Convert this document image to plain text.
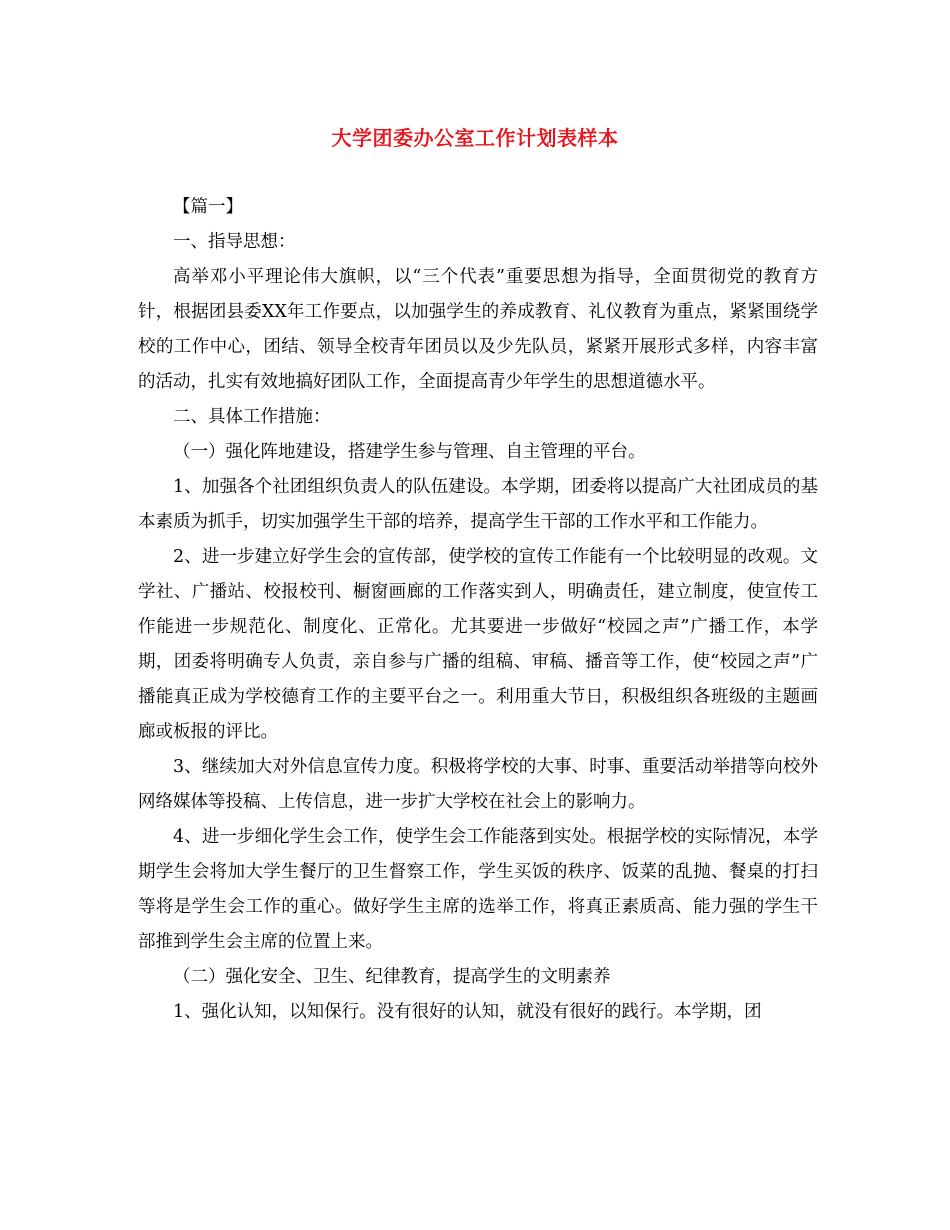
大学团委办公室工作计划表样本

【篇一】

一、指导思想：

高举邓小平理论伟大旗帜，以“三个代表”重要思想为指导，全面贯彻党的教育方针，根据团县委XX年工作要点，以加强学生的养成教育、礼仪教育为重点，紧紧围绕学校的工作中心，团结、领导全校青年团员以及少先队员，紧紧开展形式多样，内容丰富的活动，扎实有效地搞好团队工作，全面提高青少年学生的思想道德水平。

二、具体工作措施：

（一）强化阵地建设，搭建学生参与管理、自主管理的平台。

1、加强各个社团组织负责人的队伍建设。本学期，团委将以提高广大社团成员的基本素质为抓手，切实加强学生干部的培养，提高学生干部的工作水平和工作能力。

2、进一步建立好学生会的宣传部，使学校的宣传工作能有一个比较明显的改观。文学社、广播站、校报校刊、橱窗画廊的工作落实到人，明确责任，建立制度，使宣传工作能进一步规范化、制度化、正常化。尤其要进一步做好“校园之声”广播工作，本学期，团委将明确专人负责，亲自参与广播的组稿、审稿、播音等工作，使“校园之声”广播能真正成为学校德育工作的主要平台之一。利用重大节日，积极组织各班级的主题画廊或板报的评比。

3、继续加大对外信息宣传力度。积极将学校的大事、时事、重要活动举措等向校外网络媒体等投稿、上传信息，进一步扩大学校在社会上的影响力。

4、进一步细化学生会工作，使学生会工作能落到实处。根据学校的实际情况，本学期学生会将加大学生餐厅的卫生督察工作，学生买饭的秩序、饭菜的乱抛、餐桌的打扫等将是学生会工作的重心。做好学生主席的选举工作，将真正素质高、能力强的学生干部推到学生会主席的位置上来。

（二）强化安全、卫生、纪律教育，提高学生的文明素养

1、强化认知，以知保行。没有很好的认知，就没有很好的践行。本学期，团
